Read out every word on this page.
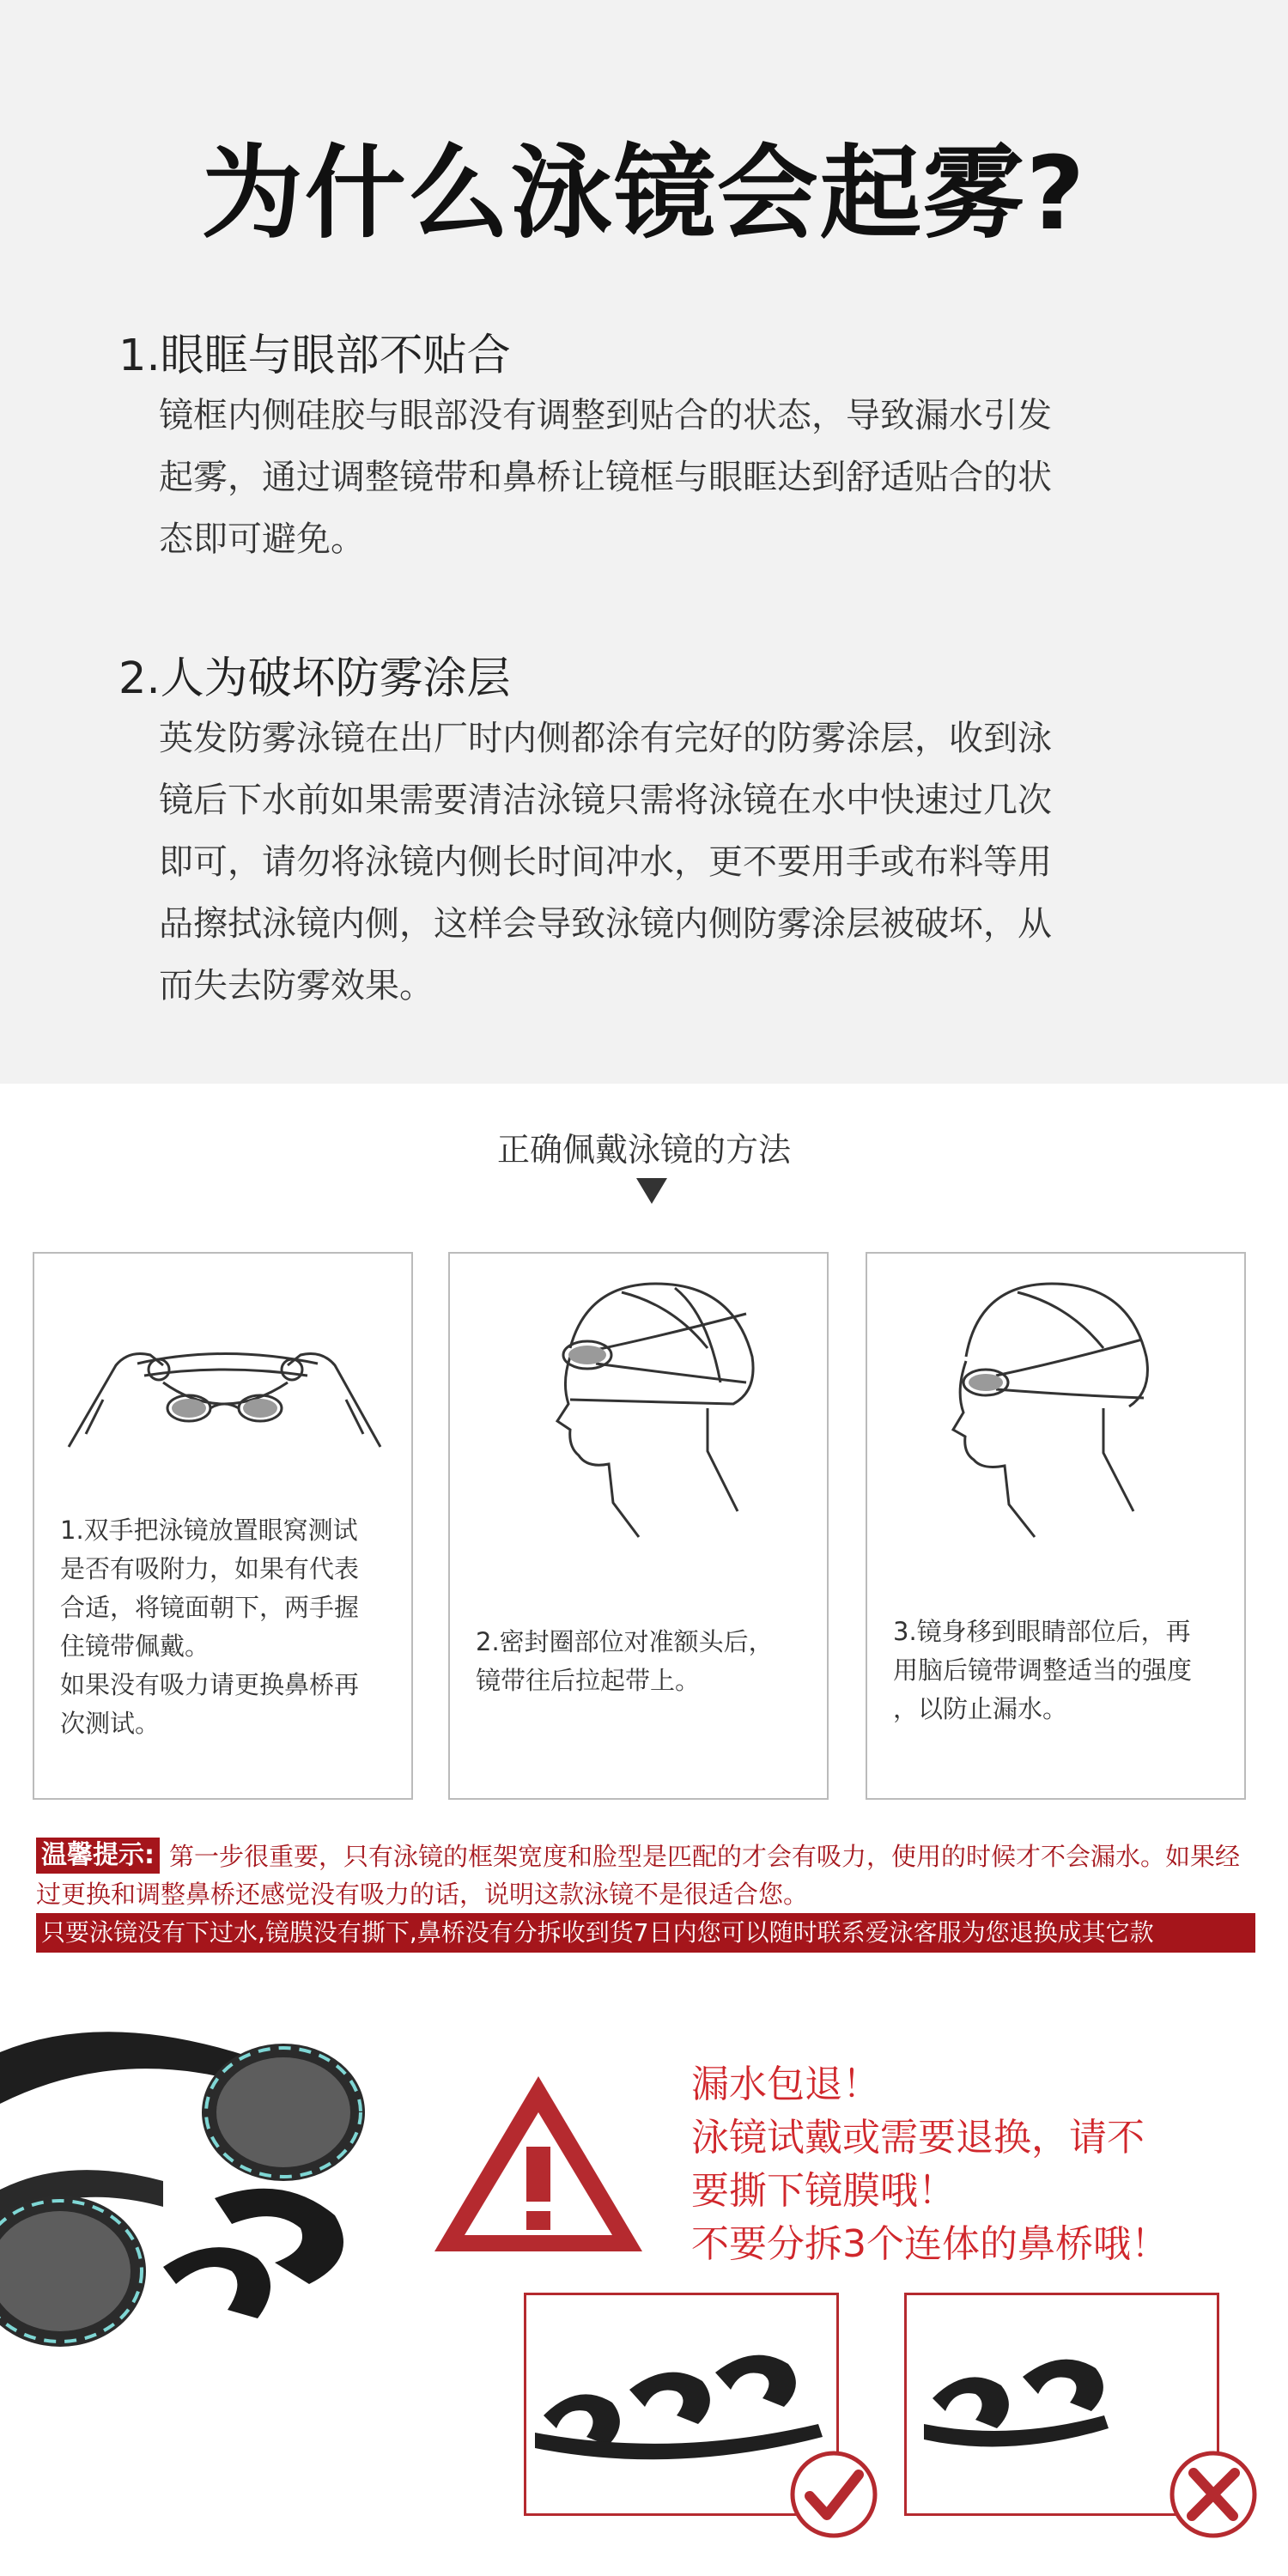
为什么泳镜会起雾?
1.眼眶与眼部不贴合
镜框内侧硅胶与眼部没有调整到贴合的状态，导致漏水引发
起雾，通过调整镜带和鼻桥让镜框与眼眶达到舒适贴合的状
态即可避免。
2.人为破坏防雾涂层
英发防雾泳镜在出厂时内侧都涂有完好的防雾涂层，收到泳
镜后下水前如果需要清洁泳镜只需将泳镜在水中快速过几次
即可，请勿将泳镜内侧长时间冲水，更不要用手或布料等用
品擦拭泳镜内侧，这样会导致泳镜内侧防雾涂层被破坏，从
而失去防雾效果。
正确佩戴泳镜的方法
1.双手把泳镜放置眼窝测试
是否有吸附力，如果有代表
合适，将镜面朝下，两手握
住镜带佩戴。
如果没有吸力请更换鼻桥再
次测试。
2.密封圈部位对准额头后，
镜带往后拉起带上。
3.镜身移到眼睛部位后，再
用脑后镜带调整适当的强度
，以防止漏水。
第一步很重要，只有泳镜的框架宽度和脸型是匹配的才会有吸力，使用的时候才不会漏水。如果经过更换和调整鼻桥还感觉没有吸力的话，说明这款泳镜不是很适合您。
温馨提示:
只要泳镜没有下过水,镜膜没有撕下,鼻桥没有分拆收到货7日内您可以随时联系爱泳客服为您退换成其它款
漏水包退！
泳镜试戴或需要退换，请不
要撕下镜膜哦！
不要分拆3个连体的鼻桥哦！
